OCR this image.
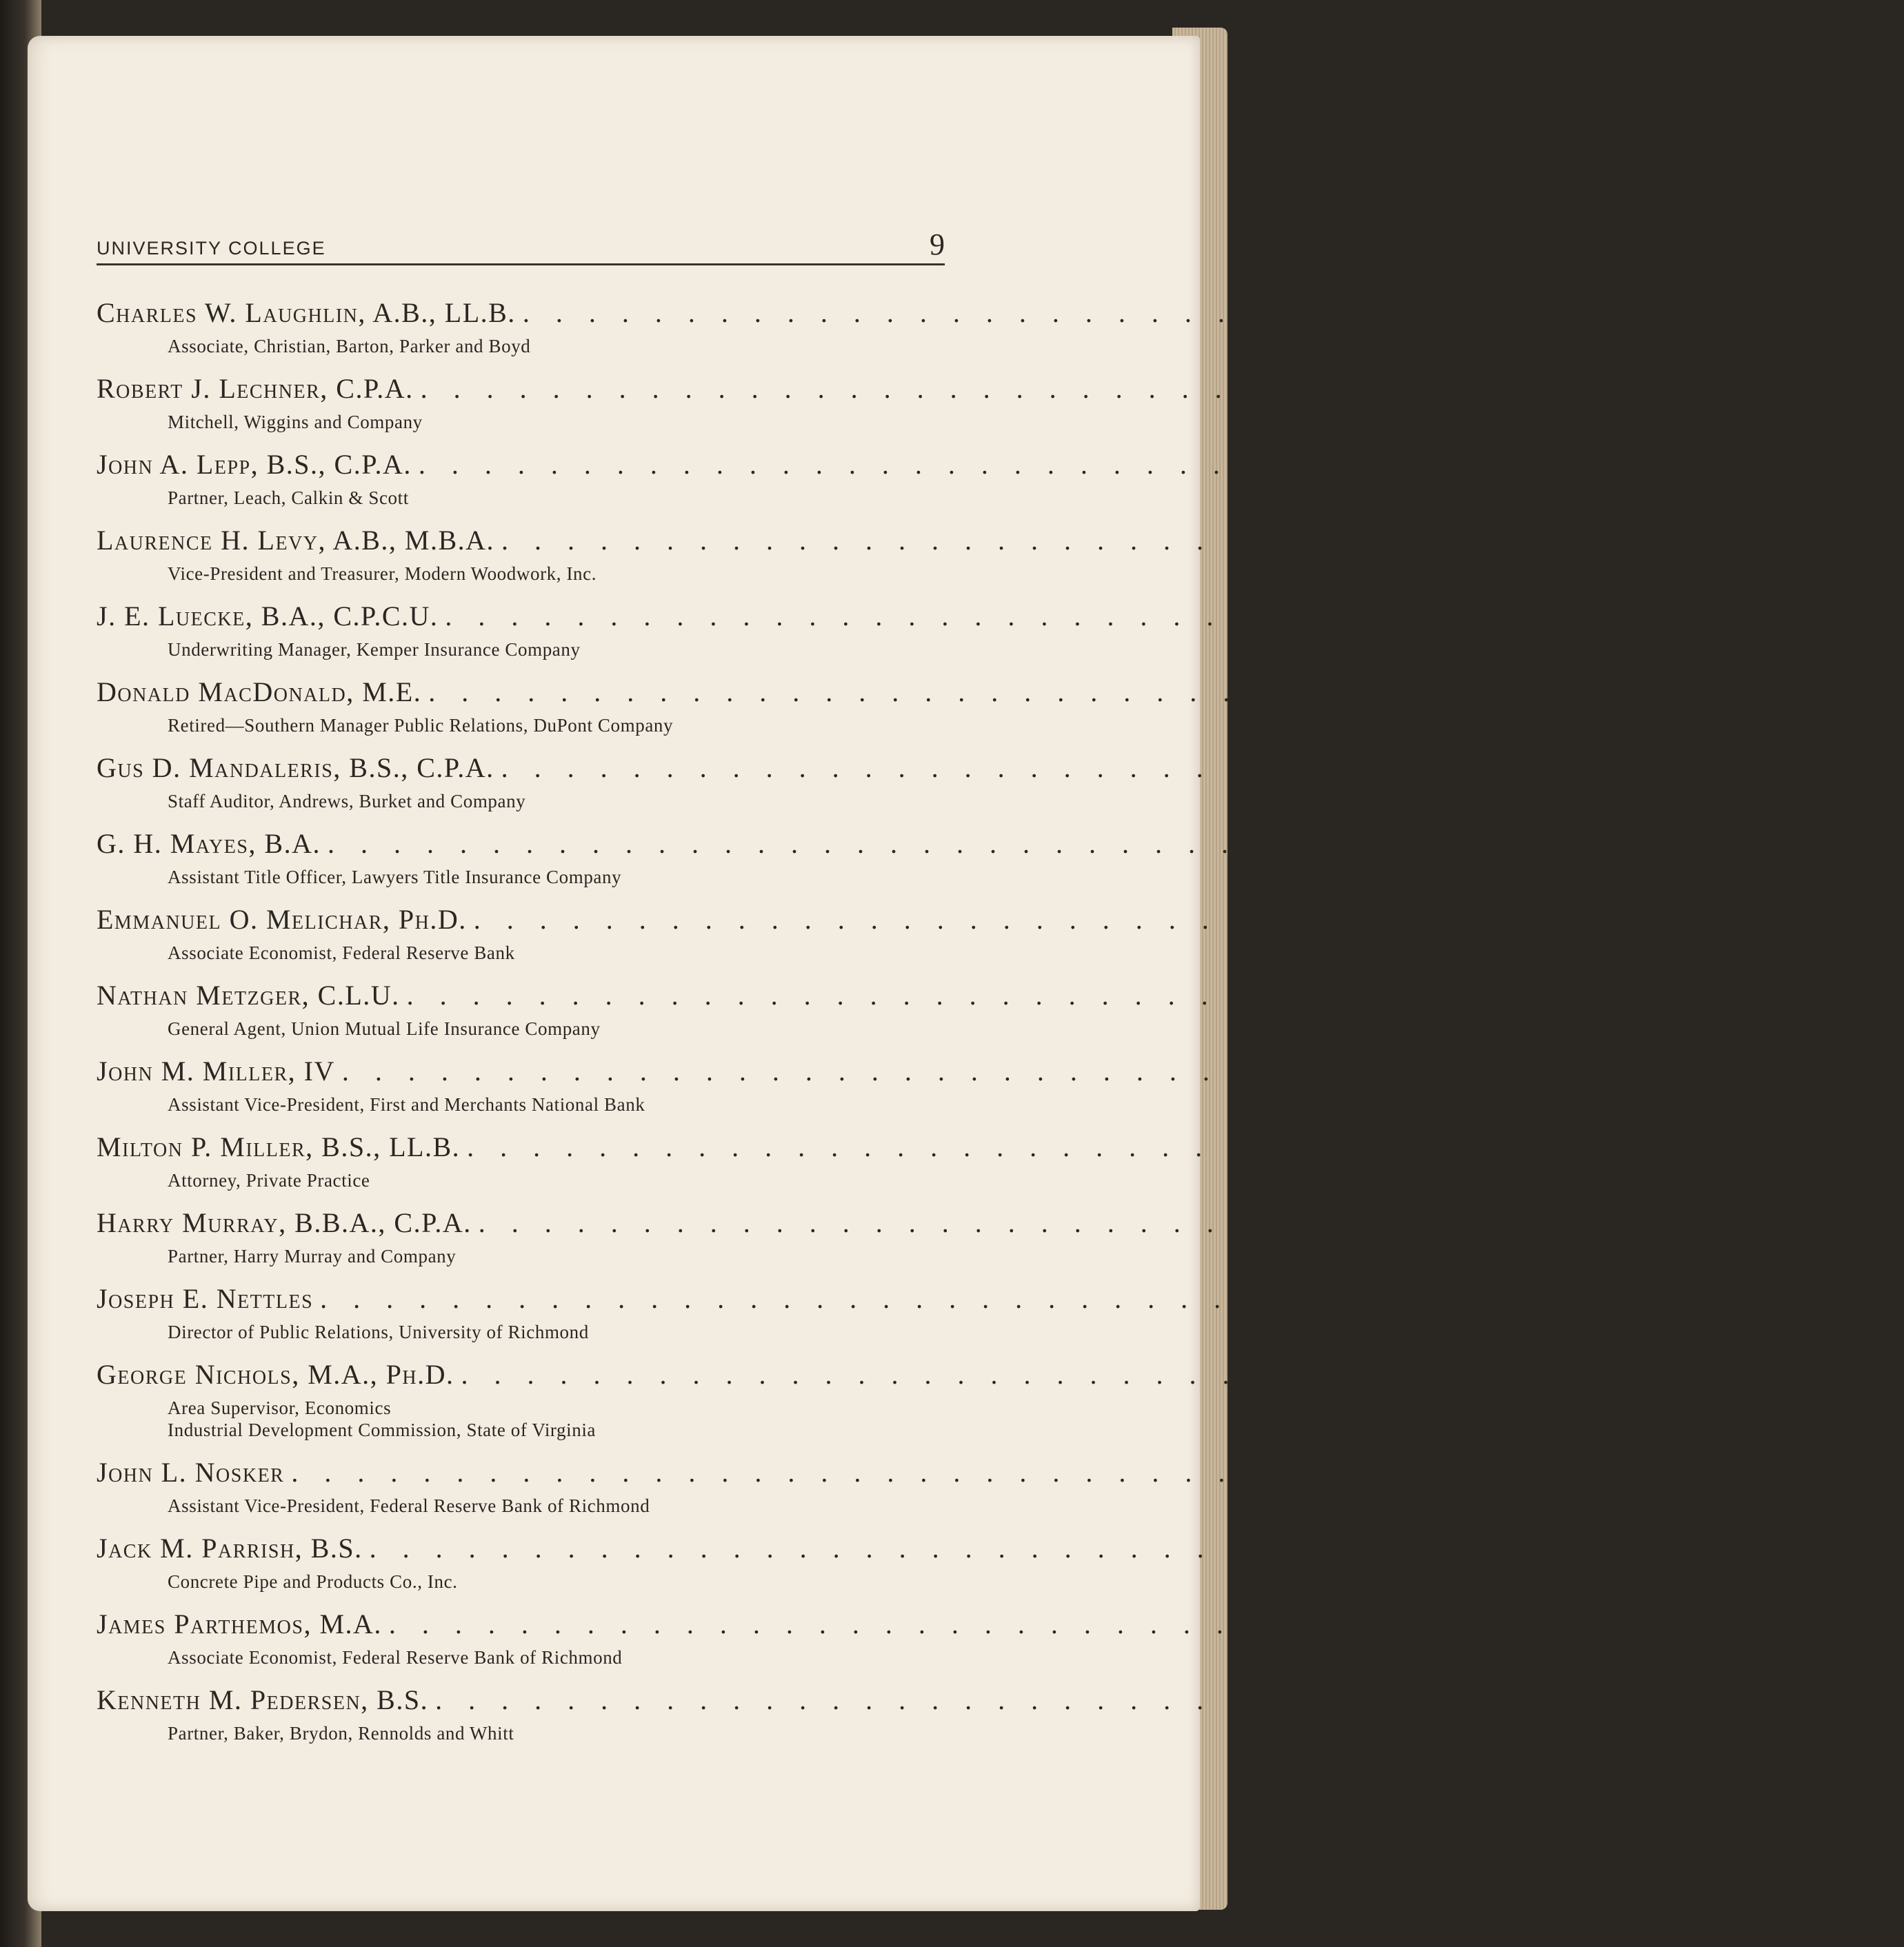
UNIVERSITY COLLEGE	9
Charles W. Laughlin, A.B., LL.B. . . . . . . . . . . . . . . . . . . . . . . . . . . . . . . . . . . . Commercial Law
Associate, Christian, Barton, Parker and Boyd
Robert J. Lechner, C.P.A. . . . . . . . . . . . . . . . . . . . . . . . . . . . . . . . . . . . Accounting
Mitchell, Wiggins and Company
John A. Lepp, B.S., C.P.A. . . . . . . . . . . . . . . . . . . . . . . . . . . . . . . . . . . . Accounting
Partner, Leach, Calkin & Scott
Laurence H. Levy, A.B., M.B.A. . . . . . . . . . . . . . . . . . . . . . . . . . . . . . . . . . . . Business Management
Vice-President and Treasurer, Modern Woodwork, Inc.
J. E. Luecke, B.A., C.P.C.U. . . . . . . . . . . . . . . . . . . . . . . . . . . . . . . . . . . . Insurance
Underwriting Manager, Kemper Insurance Company
Donald MacDonald, M.E. . . . . . . . . . . . . . . . . . . . . . . . . . . . . . . . . . . . Management
Retired—Southern Manager Public Relations, DuPont Company
Gus D. Mandaleris, B.S., C.P.A. . . . . . . . . . . . . . . . . . . . . . . . . . . . . . . . . . . . Accounting
Staff Auditor, Andrews, Burket and Company
G. H. Mayes, B.A. . . . . . . . . . . . . . . . . . . . . . . . . . . . . . . . . . . . Insurance
Assistant Title Officer, Lawyers Title Insurance Company
Emmanuel O. Melichar, Ph.D. . . . . . . . . . . . . . . . . . . . . . . . . . . . . . . . . . . . Economics
Associate Economist, Federal Reserve Bank
Nathan Metzger, C.L.U. . . . . . . . . . . . . . . . . . . . . . . . . . . . . . . . . . . . Insurance
General Agent, Union Mutual Life Insurance Company
John M. Miller, IV . . . . . . . . . . . . . . . . . . . . . . . . . . . . . . . . . . . Credit Administration
Assistant Vice-President, First and Merchants National Bank
Milton P. Miller, B.S., LL.B. . . . . . . . . . . . . . . . . . . . . . . . . . . . . . . . . . . . Real Estate
Attorney, Private Practice
Harry Murray, B.B.A., C.P.A. . . . . . . . . . . . . . . . . . . . . . . . . . . . . . . . . . . . Accounting
Partner, Harry Murray and Company
Joseph E. Nettles . . . . . . . . . . . . . . . . . . . . . . . . . . . . . . . . . . . Public Relations
Director of Public Relations, University of Richmond
George Nichols, M.A., Ph.D. . . . . . . . . . . . . . . . . . . . . . . . . . . . . . . . . . . . Money and Banking
Area Supervisor, Economics
Industrial Development Commission, State of Virginia
John L. Nosker . . . . . . . . . . . . . . . . . . . . . . . . . . . . . . . . . . . Bank Administration
Assistant Vice-President, Federal Reserve Bank of Richmond
Jack M. Parrish, B.S. . . . . . . . . . . . . . . . . . . . . . . . . . . . . . . . . . . . Credit Management
Concrete Pipe and Products Co., Inc.
James Parthemos, M.A. . . . . . . . . . . . . . . . . . . . . . . . . . . . . . . . . . . . Economics
Associate Economist, Federal Reserve Bank of Richmond
Kenneth M. Pedersen, B.S. . . . . . . . . . . . . . . . . . . . . . . . . . . . . . . . . . . . Accounting
Partner, Baker, Brydon, Rennolds and Whitt
